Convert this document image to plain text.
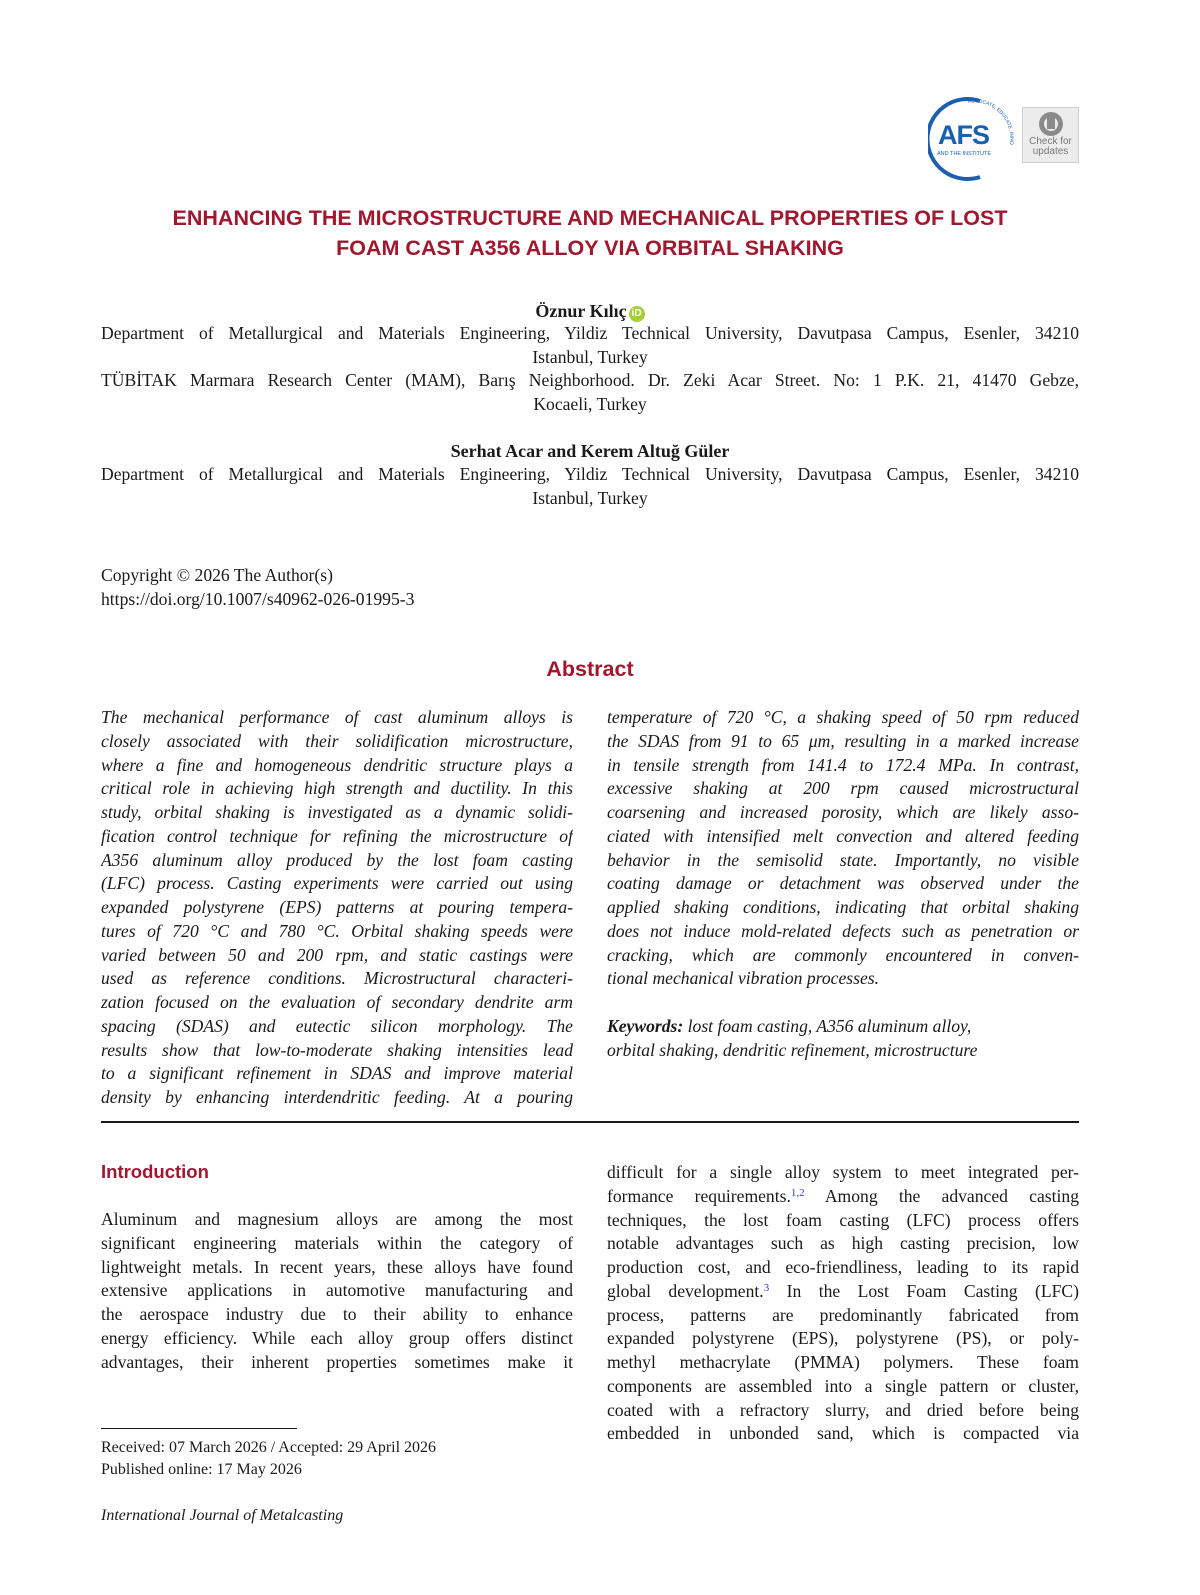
AFS
AND THE INSTITUTE
ADVOCATE, EDUCATE, INNO	Check for
updates
ENHANCING THE MICROSTRUCTURE AND MECHANICAL PROPERTIES OF LOST
FOAM CAST A356 ALLOY VIA ORBITAL SHAKING
Öznur Kılıç iD
Department of Metallurgical and Materials Engineering, Yildiz Technical University, Davutpasa Campus, Esenler, 34210
Istanbul, Turkey
TÜBİTAK Marmara Research Center (MAM), Barış Neighborhood. Dr. Zeki Acar Street. No: 1 P.K. 21, 41470 Gebze,
Kocaeli, Turkey
Serhat Acar and Kerem Altuğ Güler
Department of Metallurgical and Materials Engineering, Yildiz Technical University, Davutpasa Campus, Esenler, 34210
Istanbul, Turkey
Copyright © 2026 The Author(s)
https://doi.org/10.1007/s40962-026-01995-3
Abstract
The mechanical performance of cast aluminum alloys is
closely associated with their solidification microstructure,
where a fine and homogeneous dendritic structure plays a
critical role in achieving high strength and ductility. In this
study, orbital shaking is investigated as a dynamic solidi-
fication control technique for refining the microstructure of
A356 aluminum alloy produced by the lost foam casting
(LFC) process. Casting experiments were carried out using
expanded polystyrene (EPS) patterns at pouring tempera-
tures of 720 °C and 780 °C. Orbital shaking speeds were
varied between 50 and 200 rpm, and static castings were
used as reference conditions. Microstructural characteri-
zation focused on the evaluation of secondary dendrite arm
spacing (SDAS) and eutectic silicon morphology. The
results show that low-to-moderate shaking intensities lead
to a significant refinement in SDAS and improve material
density by enhancing interdendritic feeding. At a pouring
temperature of 720 °C, a shaking speed of 50 rpm reduced
the SDAS from 91 to 65 μm, resulting in a marked increase
in tensile strength from 141.4 to 172.4 MPa. In contrast,
excessive shaking at 200 rpm caused microstructural
coarsening and increased porosity, which are likely asso-
ciated with intensified melt convection and altered feeding
behavior in the semisolid state. Importantly, no visible
coating damage or detachment was observed under the
applied shaking conditions, indicating that orbital shaking
does not induce mold-related defects such as penetration or
cracking, which are commonly encountered in conven-
tional mechanical vibration processes.
Keywords: lost foam casting, A356 aluminum alloy,
orbital shaking, dendritic refinement, microstructure
Introduction
Aluminum and magnesium alloys are among the most
significant engineering materials within the category of
lightweight metals. In recent years, these alloys have found
extensive applications in automotive manufacturing and
the aerospace industry due to their ability to enhance
energy efficiency. While each alloy group offers distinct
advantages, their inherent properties sometimes make it
difficult for a single alloy system to meet integrated per-
formance requirements.$^{1,2}$ Among the advanced casting
techniques, the lost foam casting (LFC) process offers
notable advantages such as high casting precision, low
production cost, and eco-friendliness, leading to its rapid
global development.$^3$ In the Lost Foam Casting (LFC)
process, patterns are predominantly fabricated from
expanded polystyrene (EPS), polystyrene (PS), or poly-
methyl methacrylate (PMMA) polymers. These foam
components are assembled into a single pattern or cluster,
coated with a refractory slurry, and dried before being
embedded in unbonded sand, which is compacted via
Received: 07 March 2026 / Accepted: 29 April 2026
Published online: 17 May 2026
International Journal of Metalcasting
